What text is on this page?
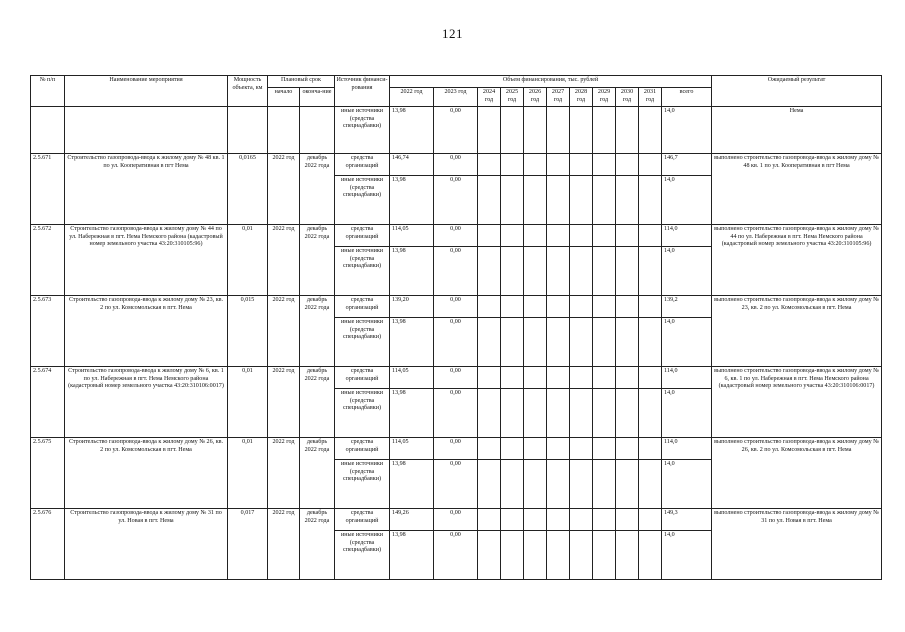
121
№ п/п	Наименование мероприятия	Мощность объекта, км	Плановый срок		Источник финанси-рования	Объем финансирования, тыс. рублей											Ожидаемый результат
			начало	оконча-ние		2022 год	2023 год	2024 год	2025 год	2026 год	2027 год	2028 год	2029 год	2030 год	2031 год	всего	
					иные источники (средства спецнадбавки)	13,98	0,00									14,0	Нема
2.5.671	Строительство газопровода-ввода к жилому дому № 48 кв. 1 по ул. Кооперативная в пгт Нема	0,0165	2022 год	декабрь 2022 года	средства организаций	146,74	0,00									146,7	выполнено строительство газопровода-ввода к жилому дому № 48 кв. 1 по ул. Кооперативная в пгт Нема
					иные источники (средства спецнадбавки)	13,98	0,00									14,0	
2.5.672	Строительство газопровода-ввода к жилому дому № 44 по ул. Набережная в пгт. Нема Немского района (кадастровый номер земельного участка 43:20:310105:96)	0,01	2022 год	декабрь 2022 года	средства организаций	114,05	0,00									114,0	выполнено строительство газопровода-ввода к жилому дому № 44 по ул. Набережная в пгт. Нема Немского района (кадастровый номер земельного участка 43:20:310105:96)
					иные источники (средства спецнадбавки)	13,98	0,00									14,0	
2.5.673	Строительство газопровода-ввода к жилому дому № 23, кв. 2 по ул. Комсомольская в пгт. Нема	0,015	2022 год	декабрь 2022 года	средства организаций	139,20	0,00									139,2	выполнено строительство газопровода-ввода к жилому дому № 23, кв. 2 по ул. Комсомольская в пгт. Нема
					иные источники (средства спецнадбавки)	13,98	0,00									14,0	
2.5.674	Строительство газопровода-ввода к жилому дому № 6, кв. 1 по ул. Набережная в пгт. Нема Немского района (кадастровый номер земельного участка 43:20:310106:0017)	0,01	2022 год	декабрь 2022 года	средства организаций	114,05	0,00									114,0	выполнено строительство газопровода-ввода к жилому дому № 6, кв. 1 по ул. Набережная в пгт. Нема Немского района (кадастровый номер земельного участка 43:20:310106:0017)
					иные источники (средства спецнадбавки)	13,98	0,00									14,0	
2.5.675	Строительство газопровода-ввода к жилому дому № 26, кв. 2 по ул. Комсомольская в пгт. Нема	0,01	2022 год	декабрь 2022 года	средства организаций	114,05	0,00									114,0	выполнено строительство газопровода-ввода к жилому дому № 26, кв. 2 по ул. Комсомольская в пгт. Нема
					иные источники (средства спецнадбавки)	13,98	0,00									14,0	
2.5.676	Строительство газопровода-ввода к жилому дому № 31 по ул. Новая в пгт. Нема	0,017	2022 год	декабрь 2022 года	средства организаций	149,26	0,00									149,3	выполнено строительство газопровода-ввода к жилому дому № 31 по ул. Новая в пгт. Нема
					иные источники (средства спецнадбавки)	13,98	0,00									14,0	
